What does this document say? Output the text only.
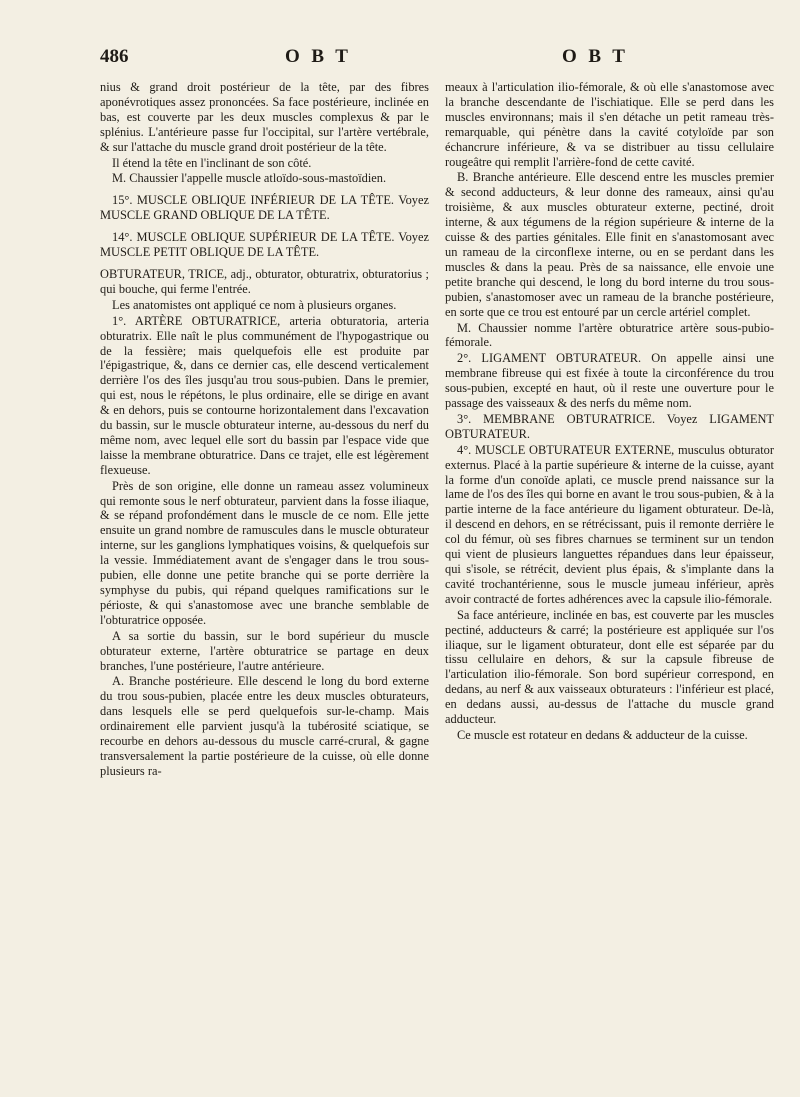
486	O B T	O B T

nius & grand droit postérieur de la tête, par des fibres aponévrotiques assez prononcées. Sa face postérieure, inclinée en bas, est couverte par les deux muscles complexus & par le splénius. L'antérieure passe fur l'occipital, sur l'artère vertébrale, & sur l'attache du muscle grand droit postérieur de la tête.

Il étend la tête en l'inclinant de son côté.

M. Chaussier l'appelle muscle atloïdo-sous-mastoïdien.

15°. MUSCLE OBLIQUE INFÉRIEUR DE LA TÊTE. Voyez MUSCLE GRAND OBLIQUE DE LA TÊTE.

14°. MUSCLE OBLIQUE SUPÉRIEUR DE LA TÊTE. Voyez MUSCLE PETIT OBLIQUE DE LA TÊTE.

OBTURATEUR, TRICE, adj., obturator, obturatrix, obturatorius ; qui bouche, qui ferme l'entrée.

Les anatomistes ont appliqué ce nom à plusieurs organes.

1°. ARTÈRE OBTURATRICE, arteria obturatoria, arteria obturatrix. Elle naît le plus communément de l'hypogastrique ou de la fessière; mais quelquefois elle est produite par l'épigastrique, &, dans ce dernier cas, elle descend verticalement derrière l'os des îles jusqu'au trou sous-pubien. Dans le premier, qui est, nous le répétons, le plus ordinaire, elle se dirige en avant & en dehors, puis se contourne horizontalement dans l'excavation du bassin, sur le muscle obturateur interne, au-dessous du nerf du même nom, avec lequel elle sort du bassin par l'espace vide que laisse la membrane obturatrice. Dans ce trajet, elle est légèrement flexueuse.

Près de son origine, elle donne un rameau assez volumineux qui remonte sous le nerf obturateur, parvient dans la fosse iliaque, & se répand profondément dans le muscle de ce nom. Elle jette ensuite un grand nombre de ramuscules dans le muscle obturateur interne, sur les ganglions lymphatiques voisins, & quelquefois sur la vessie. Immédiatement avant de s'engager dans le trou sous-pubien, elle donne une petite branche qui se porte derrière la symphyse du pubis, qui répand quelques ramifications sur le périoste, & qui s'anastomose avec une branche semblable de l'obturatrice opposée.

A sa sortie du bassin, sur le bord supérieur du muscle obturateur externe, l'artère obturatrice se partage en deux branches, l'une postérieure, l'autre antérieure.

A. Branche postérieure. Elle descend le long du bord externe du trou sous-pubien, placée entre les deux muscles obturateurs, dans lesquels elle se perd quelquefois sur-le-champ. Mais ordinairement elle parvient jusqu'à la tubérosité sciatique, se recourbe en dehors au-dessous du muscle carré-crural, & gagne transversalement la partie postérieure de la cuisse, où elle donne plusieurs ra-

meaux à l'articulation ilio-fémorale, & où elle s'anastomose avec la branche descendante de l'ischiatique. Elle se perd dans les muscles environnans; mais il s'en détache un petit rameau très-remarquable, qui pénètre dans la cavité cotyloïde par son échancrure inférieure, & va se distribuer au tissu cellulaire rougeâtre qui remplit l'arrière-fond de cette cavité.

B. Branche antérieure. Elle descend entre les muscles premier & second adducteurs, & leur donne des rameaux, ainsi qu'au troisième, & aux muscles obturateur externe, pectiné, droit interne, & aux tégumens de la région supérieure & interne de la cuisse & des parties génitales. Elle finit en s'anastomosant avec un rameau de la circonflexe interne, ou en se perdant dans les muscles & dans la peau. Près de sa naissance, elle envoie une petite branche qui descend, le long du bord interne du trou sous-pubien, s'anastomoser avec un rameau de la branche postérieure, en sorte que ce trou est entouré par un cercle artériel complet.

M. Chaussier nomme l'artère obturatrice artère sous-pubio-fémorale.

2°. LIGAMENT OBTURATEUR. On appelle ainsi une membrane fibreuse qui est fixée à toute la circonférence du trou sous-pubien, excepté en haut, où il reste une ouverture pour le passage des vaisseaux & des nerfs du même nom.

3°. MEMBRANE OBTURATRICE. Voyez LIGAMENT OBTURATEUR.

4°. MUSCLE OBTURATEUR EXTERNE, musculus obturator externus. Placé à la partie supérieure & interne de la cuisse, ayant la forme d'un conoïde aplati, ce muscle prend naissance sur la lame de l'os des îles qui borne en avant le trou sous-pubien, & à la partie interne de la face antérieure du ligament obturateur. De-là, il descend en dehors, en se rétrécissant, puis il remonte derrière le col du fémur, où ses fibres charnues se terminent sur un tendon qui vient de plusieurs languettes répandues dans leur épaisseur, qui s'isole, se rétrécit, devient plus épais, & s'implante dans la cavité trochantérienne, sous le muscle jumeau inférieur, après avoir contracté de fortes adhérences avec la capsule ilio-fémorale.

Sa face antérieure, inclinée en bas, est couverte par les muscles pectiné, adducteurs & carré; la postérieure est appliquée sur l'os iliaque, sur le ligament obturateur, dont elle est séparée par du tissu cellulaire en dehors, & sur la capsule fibreuse de l'articulation ilio-fémorale. Son bord supérieur correspond, en dedans, au nerf & aux vaisseaux obturateurs : l'inférieur est placé, en dedans aussi, au-dessus de l'attache du muscle grand adducteur.

Ce muscle est rotateur en dedans & adducteur de la cuisse.
